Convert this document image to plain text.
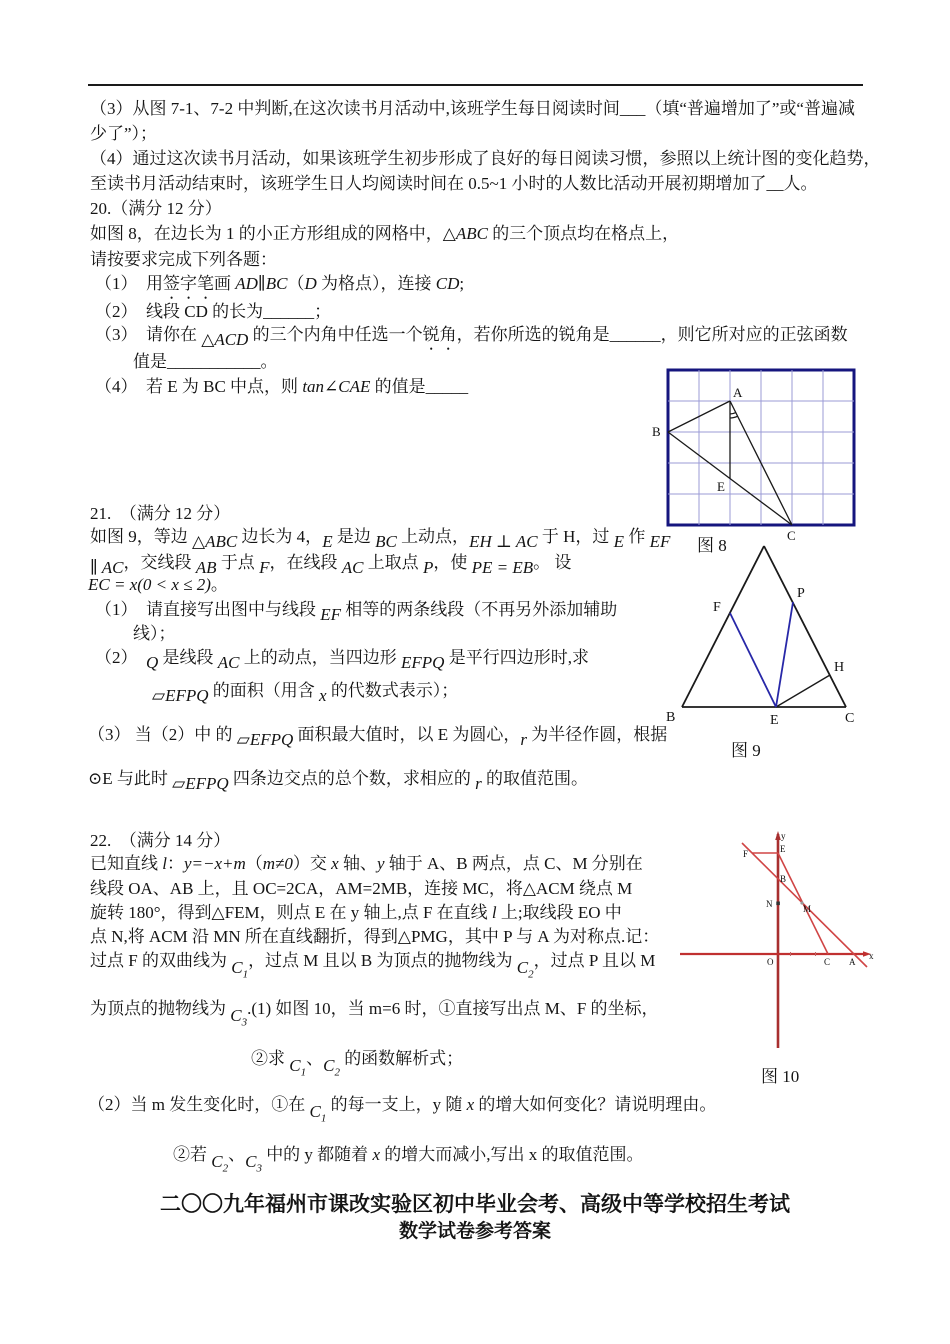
（3）从图 7-1、7-2 中判断,在这次读书月活动中,该班学生每日阅读时间___（填“普遍增加了”或“普遍减
少了”）；
（4）通过这次读书月活动，如果该班学生初步形成了良好的每日阅读习惯，参照以上统计图的变化趋势，
至读书月活动结束时，该班学生日人均阅读时间在 0.5~1 小时的人数比活动开展初期增加了__人。
20.（满分 12 分）
如图 8，在边长为 1 的小正方形组成的网格中，△ABC 的三个顶点均在格点上，
请按要求完成下列各题：
（1）　用签字笔画 AD∥BC（D 为格点），连接 CD;
（2）　线段 CD 的长为______；
（3）　请你在 △ACD 的三个内角中任选一个锐角，若你所选的锐角是______，则它所对应的正弦函数
值是___________。
（4）　若 E 为 BC 中点，则 tan∠CAE 的值是_____	A
B
C
E
图 8
21.　（满分 12 分）
如图 9，等边 △ABC 边长为 4，E 是边 BC 上动点，EH ⊥ AC 于 H，过 E 作 EF
∥ AC，交线段 AB 于点 F，在线段 AC 上取点 P，使 PE = EB。 设
EC = x(0 < x ≤ 2)。
（1）　请直接写出图中与线段 EF 相等的两条线段（不再另外添加辅助
线）；
（2）　Q 是线段 AC 上的动点，当四边形 EFPQ 是平行四边形时,求
▱EFPQ 的面积（用含 x 的代数式表示）；
（3） 当（2）中 的 ▱EFPQ 面积最大值时，以 E 为圆心，r 为半径作圆，根据
⊙E 与此时 ▱EFPQ 四条边交点的总个数，求相应的 r 的取值范围。
B	C
E
F
P
H
图 9
22.　（满分 14 分）
已知直线 l：y=−x+m（m≠0）交 x 轴、y 轴于 A、B 两点，点 C、M 分别在
线段 OA、AB 上，且 OC=2CA，AM=2MB，连接 MC，将△ACM 绕点 M
旋转 180°，得到△FEM，则点 E 在 y 轴上,点 F 在直线 l 上;取线段 EO 中
点 N,将 ACM 沿 MN 所在直线翻折，得到△PMG，其中 P 与 A 为对称点.记：
过点 F 的双曲线为 $C_1$，过点 M 且以 B 为顶点的抛物线为 $C_2$，过点 P 且以 M
为顶点的抛物线为 $C_3.(1)$ 如图 10，当 m=6 时，①直接写出点 M、F 的坐标，
②求 $C_1$、$C_2$ 的函数解析式；
（2）当 m 发生变化时，①在 $C_1$ 的每一支上，y 随 x 的增大如何变化？请说明理由。
②若 $C_2$、$C_3$ 中的 y 都随着 x 的增大而减小,写出 x 的取值范围。
y
x
O
F	E
B
N	M
C A
图 10
二〇〇九年福州市课改实验区初中毕业会考、高级中等学校招生考试
数学试卷参考答案
